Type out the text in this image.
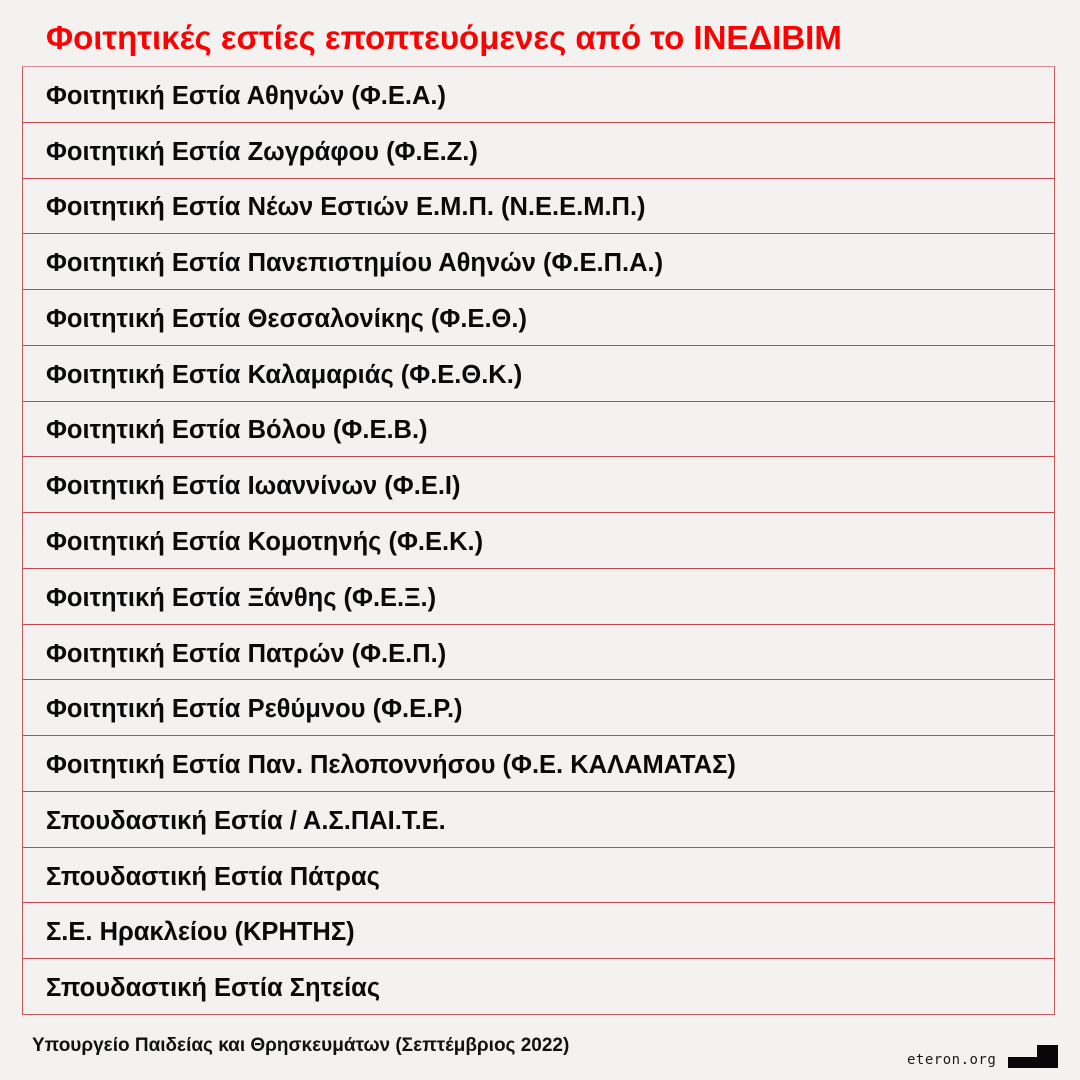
Φοιτητικές εστίες εποπτευόμενες από το ΙΝΕΔΙΒΙΜ
Φοιτητική Εστία Αθηνών (Φ.Ε.Α.)
Φοιτητική Εστία Ζωγράφου (Φ.Ε.Ζ.)
Φοιτητική Εστία Νέων Εστιών Ε.Μ.Π. (Ν.Ε.Ε.Μ.Π.)
Φοιτητική Εστία Πανεπιστημίου Αθηνών (Φ.Ε.Π.Α.)
Φοιτητική Εστία Θεσσαλονίκης (Φ.Ε.Θ.)
Φοιτητική Εστία Καλαμαριάς (Φ.Ε.Θ.Κ.)
Φοιτητική Εστία Βόλου (Φ.Ε.Β.)
Φοιτητική Εστία Ιωαννίνων (Φ.Ε.Ι)
Φοιτητική Εστία Κομοτηνής (Φ.Ε.Κ.)
Φοιτητική Εστία Ξάνθης (Φ.Ε.Ξ.)
Φοιτητική Εστία Πατρών (Φ.Ε.Π.)
Φοιτητική Εστία Ρεθύμνου (Φ.Ε.Ρ.)
Φοιτητική Εστία Παν. Πελοποννήσου (Φ.Ε. ΚΑΛΑΜΑΤΑΣ)
Σπουδαστική Εστία / Α.Σ.ΠΑΙ.Τ.Ε.
Σπουδαστική Εστία Πάτρας
Σ.Ε. Ηρακλείου (ΚΡΗΤΗΣ)
Σπουδαστική Εστία Σητείας
Υπουργείο Παιδείας και Θρησκευμάτων (Σεπτέμβριος 2022)
eteron.org
